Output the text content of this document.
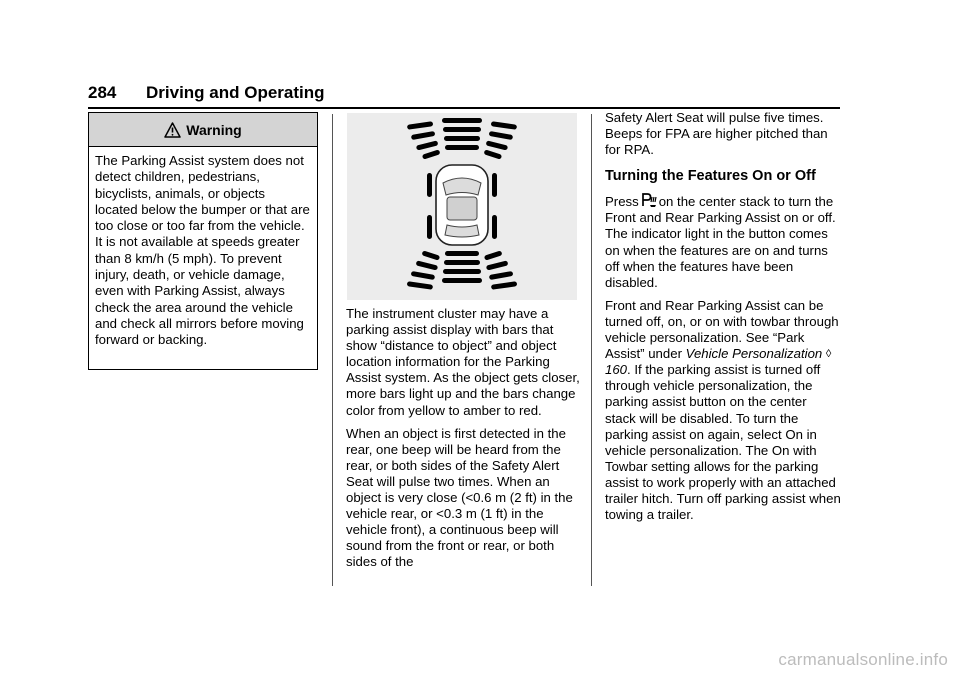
284 Driving and Operating
Warning

The Parking Assist system does not detect children, pedestrians, bicyclists, animals, or objects located below the bumper or that are too close or too far from the vehicle. It is not available at speeds greater than 8 km/h (5 mph). To prevent injury, death, or vehicle damage, even with Parking Assist, always check the area around the vehicle and check all mirrors before moving forward or backing.

The instrument cluster may have a parking assist display with bars that show “distance to object” and object location information for the Parking Assist system. As the object gets closer, more bars light up and the bars change color from yellow to amber to red.

When an object is first detected in the rear, one beep will be heard from the rear, or both sides of the Safety Alert Seat will pulse two times. When an object is very close (<0.6 m (2 ft) in the vehicle rear, or <0.3 m (1 ft) in the vehicle front), a continuous beep will sound from the front or rear, or both sides of the

Safety Alert Seat will pulse five times. Beeps for FPA are higher pitched than for RPA.

Turning the Features On or Off

Press on the center stack to turn the Front and Rear Parking Assist on or off. The indicator light in the button comes on when the features are on and turns off when the features have been disabled.

Front and Rear Parking Assist can be turned off, on, or on with towbar through vehicle personalization. See “Park Assist” under Vehicle Personalization ◊160. If the parking assist is turned off through vehicle personalization, the parking assist button on the center stack will be disabled. To turn the parking assist on again, select On in vehicle personalization. The On with Towbar setting allows for the parking assist to work properly with an attached trailer hitch. Turn off parking assist when towing a trailer.

carmanualsonline.info
